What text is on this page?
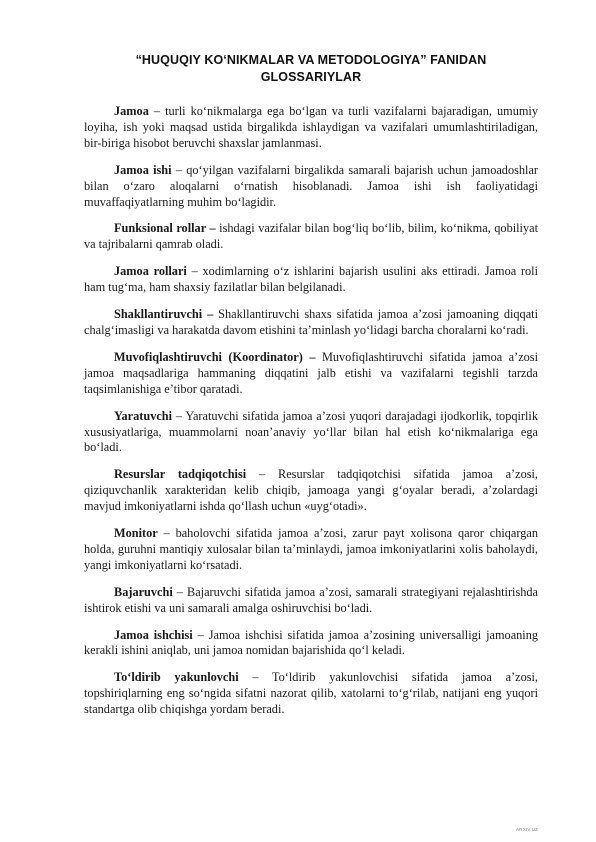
“HUQUQIY KO‘NIKMALAR VA METODOLOGIYA” FANIDAN
GLOSSARIYLAR

Jamoa – turli ko‘nikmalarga ega bo‘lgan va turli vazifalarni bajaradigan, umumiy loyiha, ish yoki maqsad ustida birgalikda ishlaydigan va vazifalari umumlashtiriladigan, bir-biriga hisobot beruvchi shaxslar jamlanmasi.

Jamoa ishi – qo‘yilgan vazifalarni birgalikda samarali bajarish uchun jamoadoshlar bilan o‘zaro aloqalarni o‘rnatish hisoblanadi. Jamoa ishi ish faoliyatidagi muvaffaqiyatlarning muhim bo‘lagidir.

Funksional rollar – ishdagi vazifalar bilan bog‘liq bo‘lib, bilim, ko‘nikma, qobiliyat va tajribalarni qamrab oladi.

Jamoa rollari – xodimlarning o‘z ishlarini bajarish usulini aks ettiradi. Jamoa roli ham tug‘ma, ham shaxsiy fazilatlar bilan belgilanadi.

Shakllantiruvchi – Shakllantiruvchi shaxs sifatida jamoa a’zosi jamoaning diqqati chalg‘imasligi va harakatda davom etishini ta’minlash yo‘lidagi barcha choralarni ko‘radi.

Muvofiqlashtiruvchi (Koordinator) – Muvofiqlashtiruvchi sifatida jamoa a’zosi jamoa maqsadlariga hammaning diqqatini jalb etishi va vazifalarni tegishli tarzda taqsimlanishiga e’tibor qaratadi.

Yaratuvchi – Yaratuvchi sifatida jamoa a’zosi yuqori darajadagi ijodkorlik, topqirlik xususiyatlariga, muammolarni noan’anaviy yo‘llar bilan hal etish ko‘nikmalariga ega bo‘ladi.

Resurslar tadqiqotchisi – Resurslar tadqiqotchisi sifatida jamoa a’zosi, qiziquvchanlik xarakteridan kelib chiqib, jamoaga yangi g‘oyalar beradi, a’zolardagi mavjud imkoniyatlarni ishda qo‘llash uchun «uyg‘otadi».

Monitor – baholovchi sifatida jamoa a’zosi, zarur payt xolisona qaror chiqargan holda, guruhni mantiqiy xulosalar bilan ta’minlaydi, jamoa imkoniyatlarini xolis baholaydi, yangi imkoniyatlarni ko‘rsatadi.

Bajaruvchi – Bajaruvchi sifatida jamoa a’zosi, samarali strategiyani rejalashtirishda ishtirok etishi va uni samarali amalga oshiruvchisi bo‘ladi.

Jamoa ishchisi – Jamoa ishchisi sifatida jamoa a’zosining universalligi jamoaning kerakli ishini aniqlab, uni jamoa nomidan bajarishida qo‘l keladi.

To‘ldirib yakunlovchi – To‘ldirib yakunlovchisi sifatida jamoa a’zosi, topshiriqlarning eng so‘ngida sifatni nazorat qilib, xatolarni to‘g‘rilab, natijani eng yuqori standartga olib chiqishga yordam beradi.

ARXIV.UZ
